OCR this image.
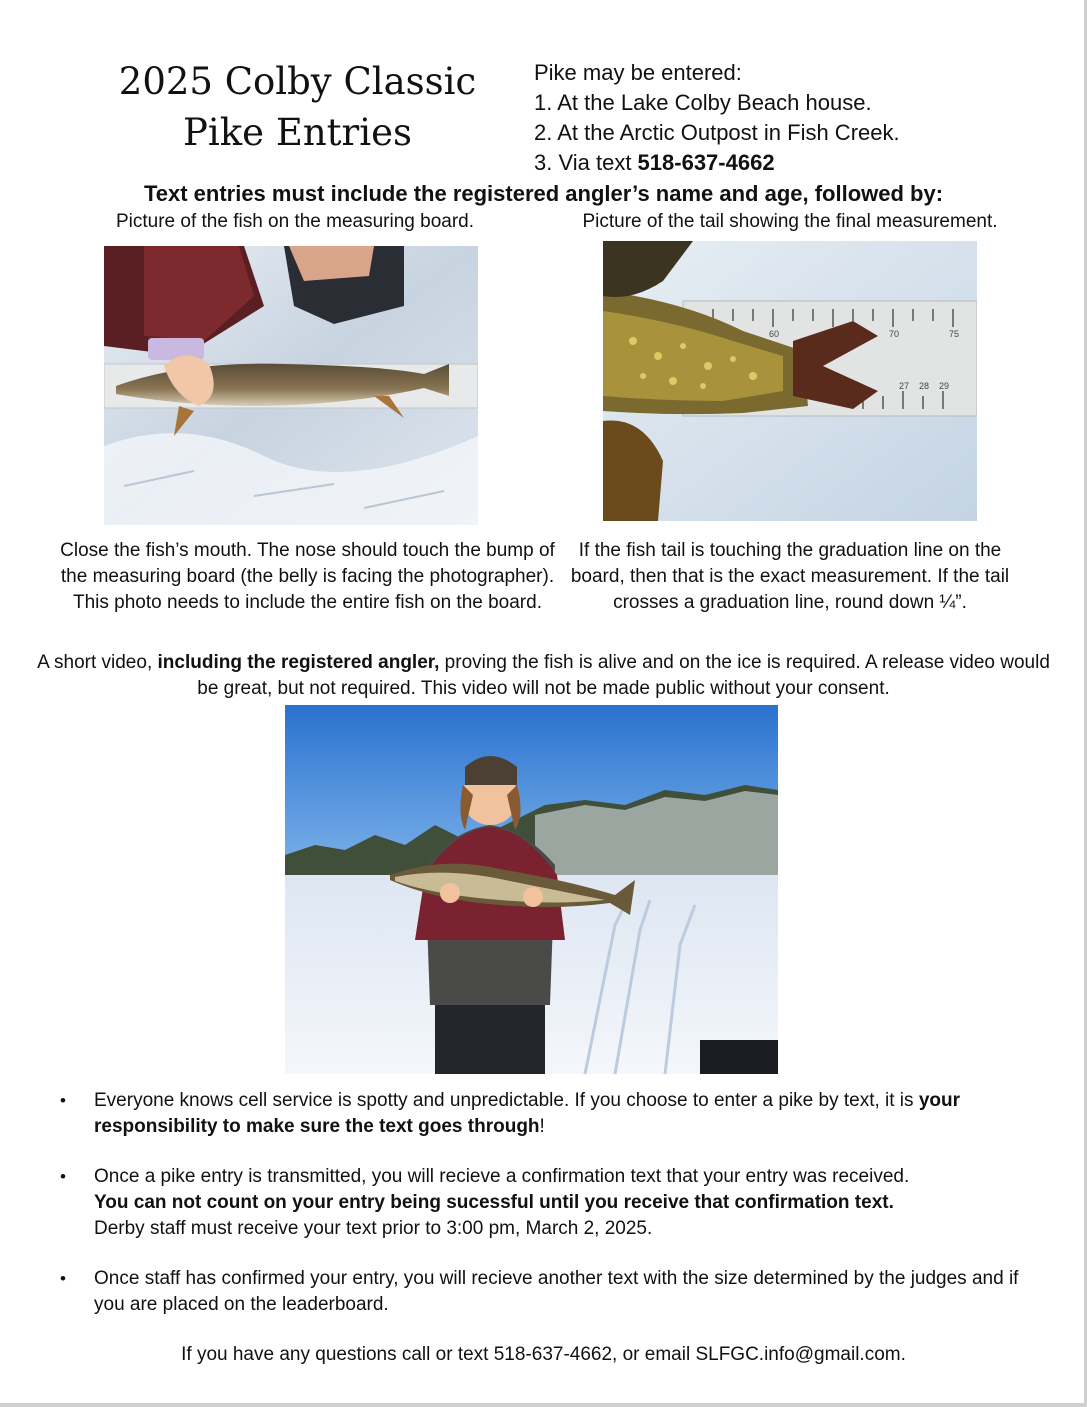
2025 Colby Classic
Pike Entries
Pike may be entered:
1. At the Lake Colby Beach house.
2. At the Arctic Outpost in Fish Creek.
3. Via text 518-637-4662
Text entries must include the registered angler’s name and age, followed by:
Picture of the fish on the measuring board.	Picture of the tail showing the final measurement.
60	70	75
27 28 29
Close the fish’s mouth. The nose should touch the bump of the measuring board (the belly is facing the photographer). This photo needs to include the entire fish on the board.
If the fish tail is touching the graduation line on the board, then that is the exact measurement. If the tail crosses a graduation line, round down ¼”.
A short video, including the registered angler, proving the fish is alive and on the ice is required. A release video would be great, but not required. This video will not be made public without your consent.
•	Everyone knows cell service is spotty and unpredictable. If you choose to enter a pike by text, it is your responsibility to make sure the text goes through!
•	Once a pike entry is transmitted, you will recieve a confirmation text that your entry was received.
You can not count on your entry being sucessful until you receive that confirmation text.
Derby staff must receive your text prior to 3:00 pm, March 2, 2025.
•	Once staff has confirmed your entry, you will recieve another text with the size determined by the judges and if you are placed on the leaderboard.
If you have any questions call or text 518-637-4662, or email SLFGC.info@gmail.com.
